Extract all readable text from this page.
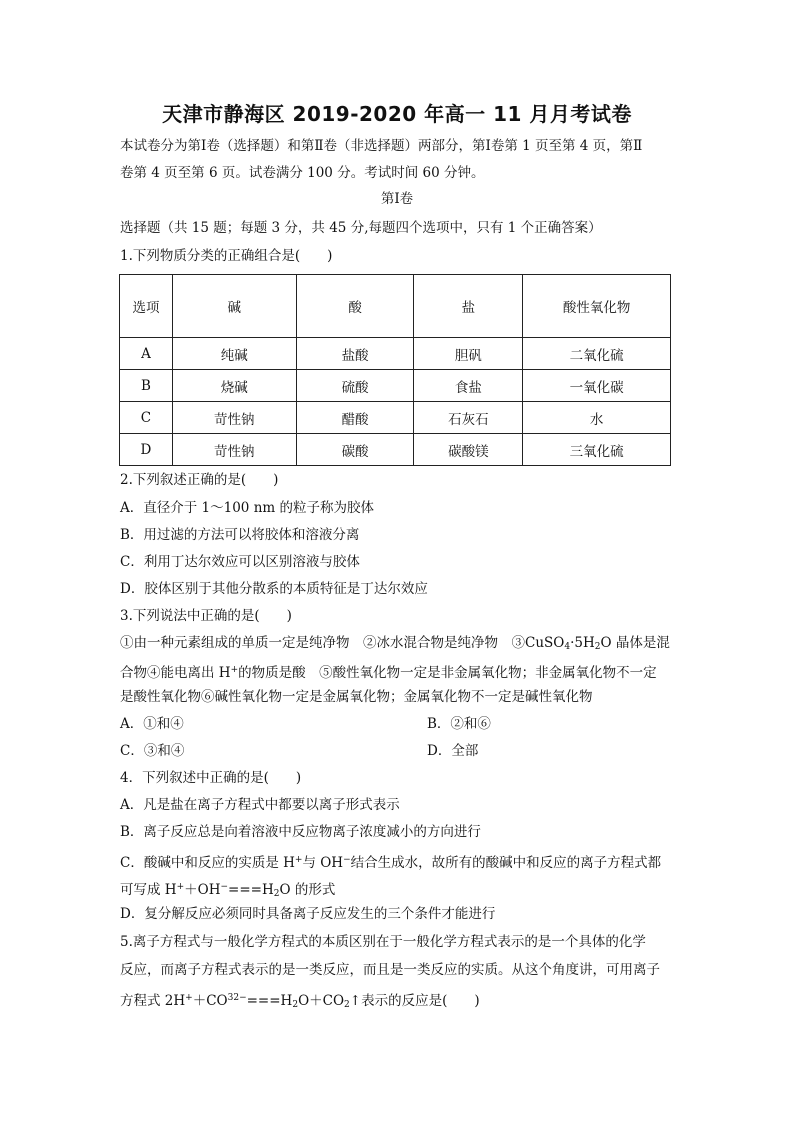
天津市静海区 2019-2020 年高一 11 月月考试卷
本试卷分为第Ⅰ卷（选择题）和第Ⅱ卷（非选择题）两部分，第Ⅰ卷第 1 页至第 4 页，第Ⅱ
卷第 4 页至第 6 页。试卷满分 100 分。考试时间 60 分钟。
第Ⅰ卷
选择题（共 15 题；每题 3 分，共 45 分,每题四个选项中，只有 1 个正确答案）
1.下列物质分类的正确组合是(　　)
选项	碱	酸	盐	酸性氧化物
A	纯碱	盐酸	胆矾	二氧化硫
B	烧碱	硫酸	食盐	一氧化碳
C	苛性钠	醋酸	石灰石	水
D	苛性钠	碳酸	碳酸镁	三氧化硫
2.下列叙述正确的是(　　)
A．直径介于 1～100 nm 的粒子称为胶体
B．用过滤的方法可以将胶体和溶液分离
C．利用丁达尔效应可以区别溶液与胶体
D．胶体区别于其他分散系的本质特征是丁达尔效应
3.下列说法中正确的是(　　)
①由一种元素组成的单质一定是纯净物　②冰水混合物是纯净物　$③CuSO_4\cdot 5H_2O$ 晶体是混
合物④能电离出 H+的物质是酸　⑤酸性氧化物一定是非金属氧化物；非金属氧化物不一定
是酸性氧化物⑥碱性氧化物一定是金属氧化物；金属氧化物不一定是碱性氧化物
A．①和④	B．②和⑥
C．③和④	D．全部
4．下列叙述中正确的是(　　)
A．凡是盐在离子方程式中都要以离子形式表示
B．离子反应总是向着溶液中反应物离子浓度减小的方向进行
C．酸碱中和反应的实质是 H+与 OH−结合生成水，故所有的酸碱中和反应的离子方程式都
可写成 $H^++OH^-===H_2O$ 的形式
D．复分解反应必须同时具备离子反应发生的三个条件才能进行
5.离子方程式与一般化学方程式的本质区别在于一般化学方程式表示的是一个具体的化学
反应，而离子方程式表示的是一类反应，而且是一类反应的实质。从这个角度讲，可用离子
方程式 $2H^++CO^{32-}===H_2O+CO_2↑$表示的反应是(　　)
